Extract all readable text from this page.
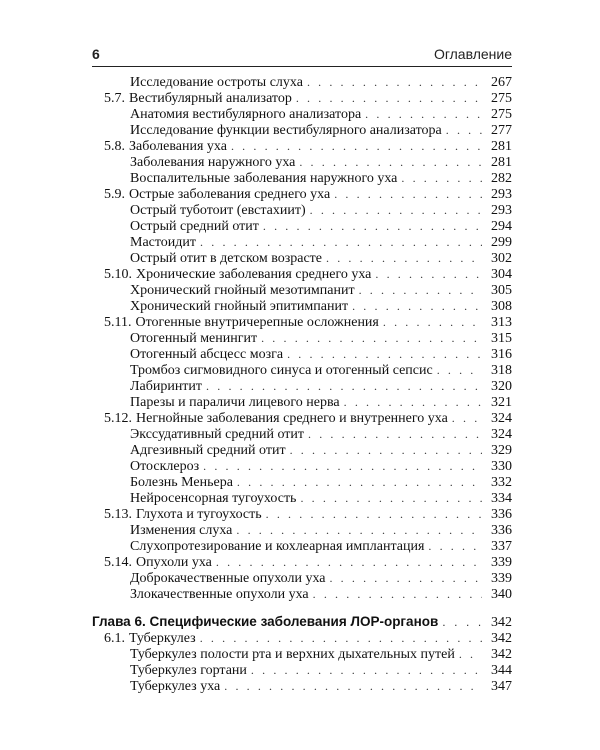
6	Оглавление
Исследование остроты слуха . . .	267
5.7. Вестибулярный анализатор . . .	275
Анатомия вестибулярного анализатора . . .	275
Исследование функции вестибулярного анализатора . . .	277
5.8. Заболевания уха . . .	281
Заболевания наружного уха . . .	281
Воспалительные заболевания наружного уха . . .	282
5.9. Острые заболевания среднего уха . . .	293
Острый туботоит (евстахиит) . . .	293
Острый средний отит . . .	294
Мастоидит . . .	299
Острый отит в детском возрасте . . .	302
5.10. Хронические заболевания среднего уха . . .	304
Хронический гнойный мезотимпанит . . .	305
Хронический гнойный эпитимпанит . . .	308
5.11. Отогенные внутричерепные осложнения . . .	313
Отогенный менингит . . .	315
Отогенный абсцесс мозга . . .	316
Тромбоз сигмовидного синуса и отогенный сепсис . . .	318
Лабиринтит . . .	320
Парезы и параличи лицевого нерва . . .	321
5.12. Негнойные заболевания среднего и внутреннего уха . . .	324
Экссудативный средний отит . . .	324
Адгезивный средний отит . . .	329
Отосклероз . . .	330
Болезнь Меньера . . .	332
Нейросенсорная тугоухость . . .	334
5.13. Глухота и тугоухость . . .	336
Изменения слуха . . .	336
Слухопротезирование и кохлеарная имплантация . . .	337
5.14. Опухоли уха . . .	339
Доброкачественные опухоли уха . . .	339
Злокачественные опухоли уха . . .	340
Глава 6. Специфические заболевания ЛОР-органов . . .	342
6.1. Туберкулез . . .	342
Туберкулез полости рта и верхних дыхательных путей . . .	342
Туберкулез гортани . . .	344
Туберкулез уха . . .	347
